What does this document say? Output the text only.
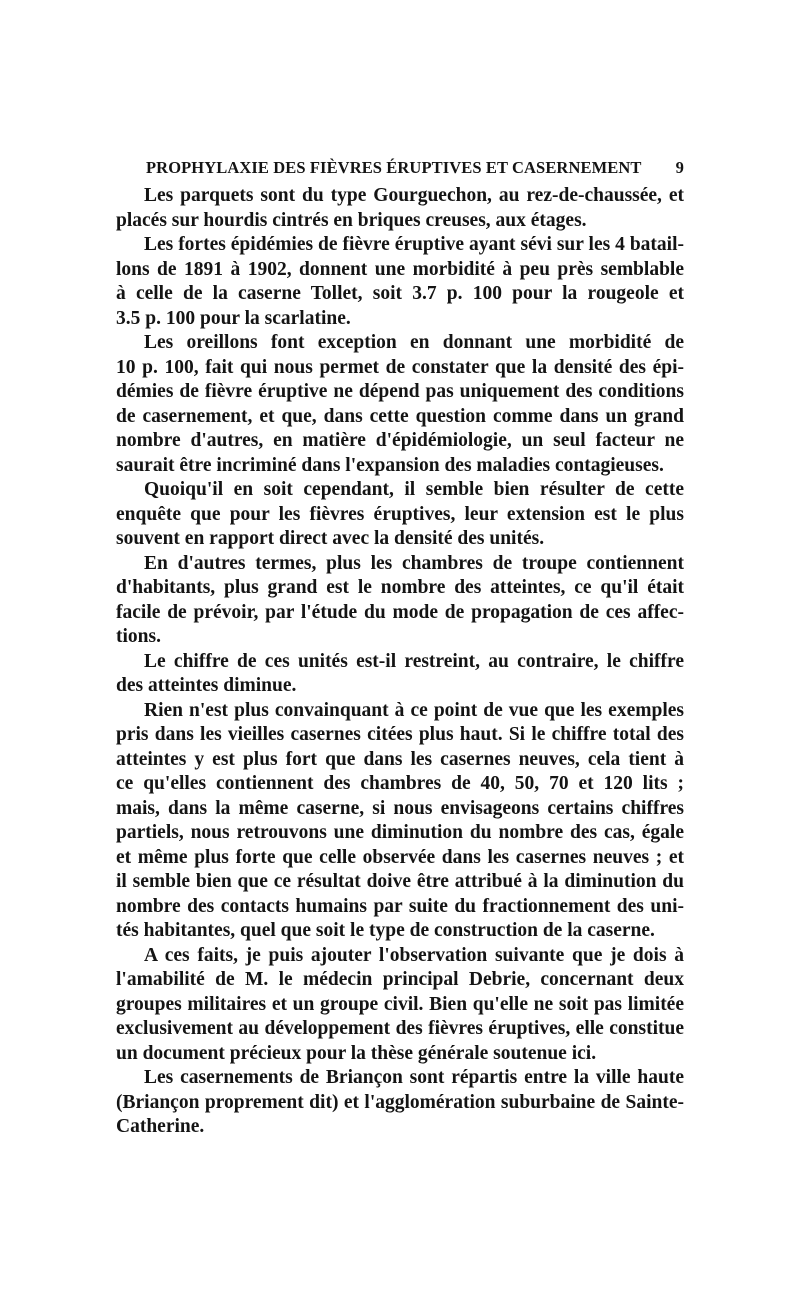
PROPHYLAXIE DES FIÈVRES ÉRUPTIVES ET CASERNEMENT 9
Les parquets sont du type Gourguechon, au rez-de-chaussée, et
placés sur hourdis cintrés en briques creuses, aux étages.
Les fortes épidémies de fièvre éruptive ayant sévi sur les 4 batail-
lons de 1891 à 1902, donnent une morbidité à peu près semblable
à celle de la caserne Tollet, soit 3.7 p. 100 pour la rougeole et
3.5 p. 100 pour la scarlatine.
Les oreillons font exception en donnant une morbidité de
10 p. 100, fait qui nous permet de constater que la densité des épi-
démies de fièvre éruptive ne dépend pas uniquement des conditions
de casernement, et que, dans cette question comme dans un grand
nombre d'autres, en matière d'épidémiologie, un seul facteur ne
saurait être incriminé dans l'expansion des maladies contagieuses.
Quoiqu'il en soit cependant, il semble bien résulter de cette
enquête que pour les fièvres éruptives, leur extension est le plus
souvent en rapport direct avec la densité des unités.
En d'autres termes, plus les chambres de troupe contiennent
d'habitants, plus grand est le nombre des atteintes, ce qu'il était
facile de prévoir, par l'étude du mode de propagation de ces affec-
tions.
Le chiffre de ces unités est-il restreint, au contraire, le chiffre
des atteintes diminue.
Rien n'est plus convainquant à ce point de vue que les exemples
pris dans les vieilles casernes citées plus haut. Si le chiffre total des
atteintes y est plus fort que dans les casernes neuves, cela tient à
ce qu'elles contiennent des chambres de 40, 50, 70 et 120 lits ;
mais, dans la même caserne, si nous envisageons certains chiffres
partiels, nous retrouvons une diminution du nombre des cas, égale
et même plus forte que celle observée dans les casernes neuves ; et
il semble bien que ce résultat doive être attribué à la diminution du
nombre des contacts humains par suite du fractionnement des uni-
tés habitantes, quel que soit le type de construction de la caserne.
A ces faits, je puis ajouter l'observation suivante que je dois à
l'amabilité de M. le médecin principal Debrie, concernant deux
groupes militaires et un groupe civil. Bien qu'elle ne soit pas limitée
exclusivement au développement des fièvres éruptives, elle constitue
un document précieux pour la thèse générale soutenue ici.
Les casernements de Briançon sont répartis entre la ville haute
(Briançon proprement dit) et l'agglomération suburbaine de Sainte-
Catherine.
